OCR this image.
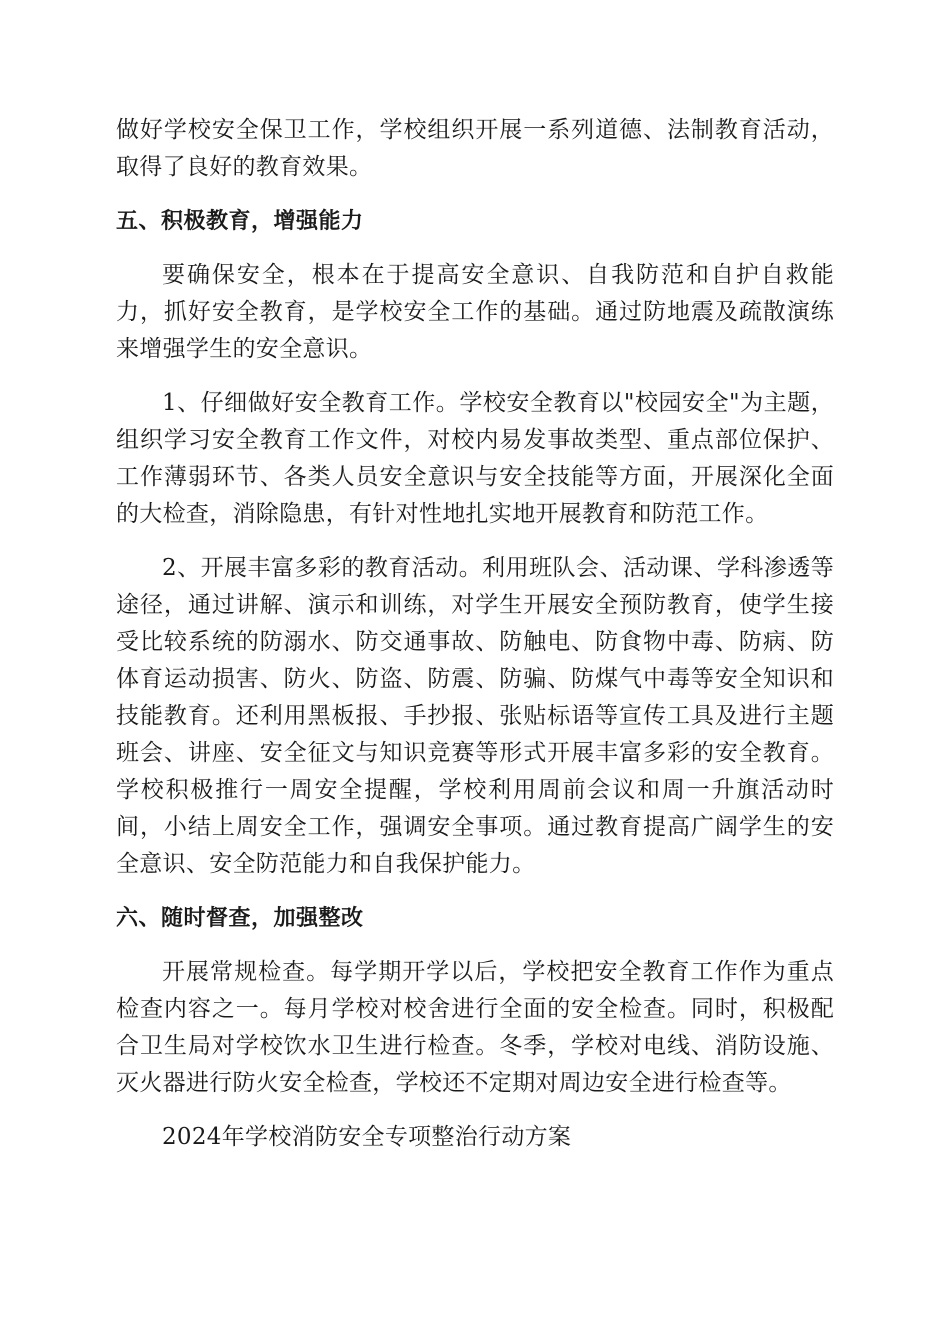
做好学校安全保卫工作，学校组织开展一系列道德、法制教育活动，取得了良好的教育效果。

五、积极教育，增强能力

要确保安全，根本在于提高安全意识、自我防范和自护自救能力，抓好安全教育，是学校安全工作的基础。通过防地震及疏散演练来增强学生的安全意识。

1、仔细做好安全教育工作。学校安全教育以"校园安全"为主题，组织学习安全教育工作文件，对校内易发事故类型、重点部位保护、工作薄弱环节、各类人员安全意识与安全技能等方面，开展深化全面的大检查，消除隐患，有针对性地扎实地开展教育和防范工作。

2、开展丰富多彩的教育活动。利用班队会、活动课、学科渗透等途径，通过讲解、演示和训练，对学生开展安全预防教育，使学生接受比较系统的防溺水、防交通事故、防触电、防食物中毒、防病、防体育运动损害、防火、防盗、防震、防骗、防煤气中毒等安全知识和技能教育。还利用黑板报、手抄报、张贴标语等宣传工具及进行主题班会、讲座、安全征文与知识竞赛等形式开展丰富多彩的安全教育。学校积极推行一周安全提醒，学校利用周前会议和周一升旗活动时间，小结上周安全工作，强调安全事项。通过教育提高广阔学生的安全意识、安全防范能力和自我保护能力。

六、随时督查，加强整改

开展常规检查。每学期开学以后，学校把安全教育工作作为重点检查内容之一。每月学校对校舍进行全面的安全检查。同时，积极配合卫生局对学校饮水卫生进行检查。冬季，学校对电线、消防设施、灭火器进行防火安全检查，学校还不定期对周边安全进行检查等。

2024年学校消防安全专项整治行动方案
